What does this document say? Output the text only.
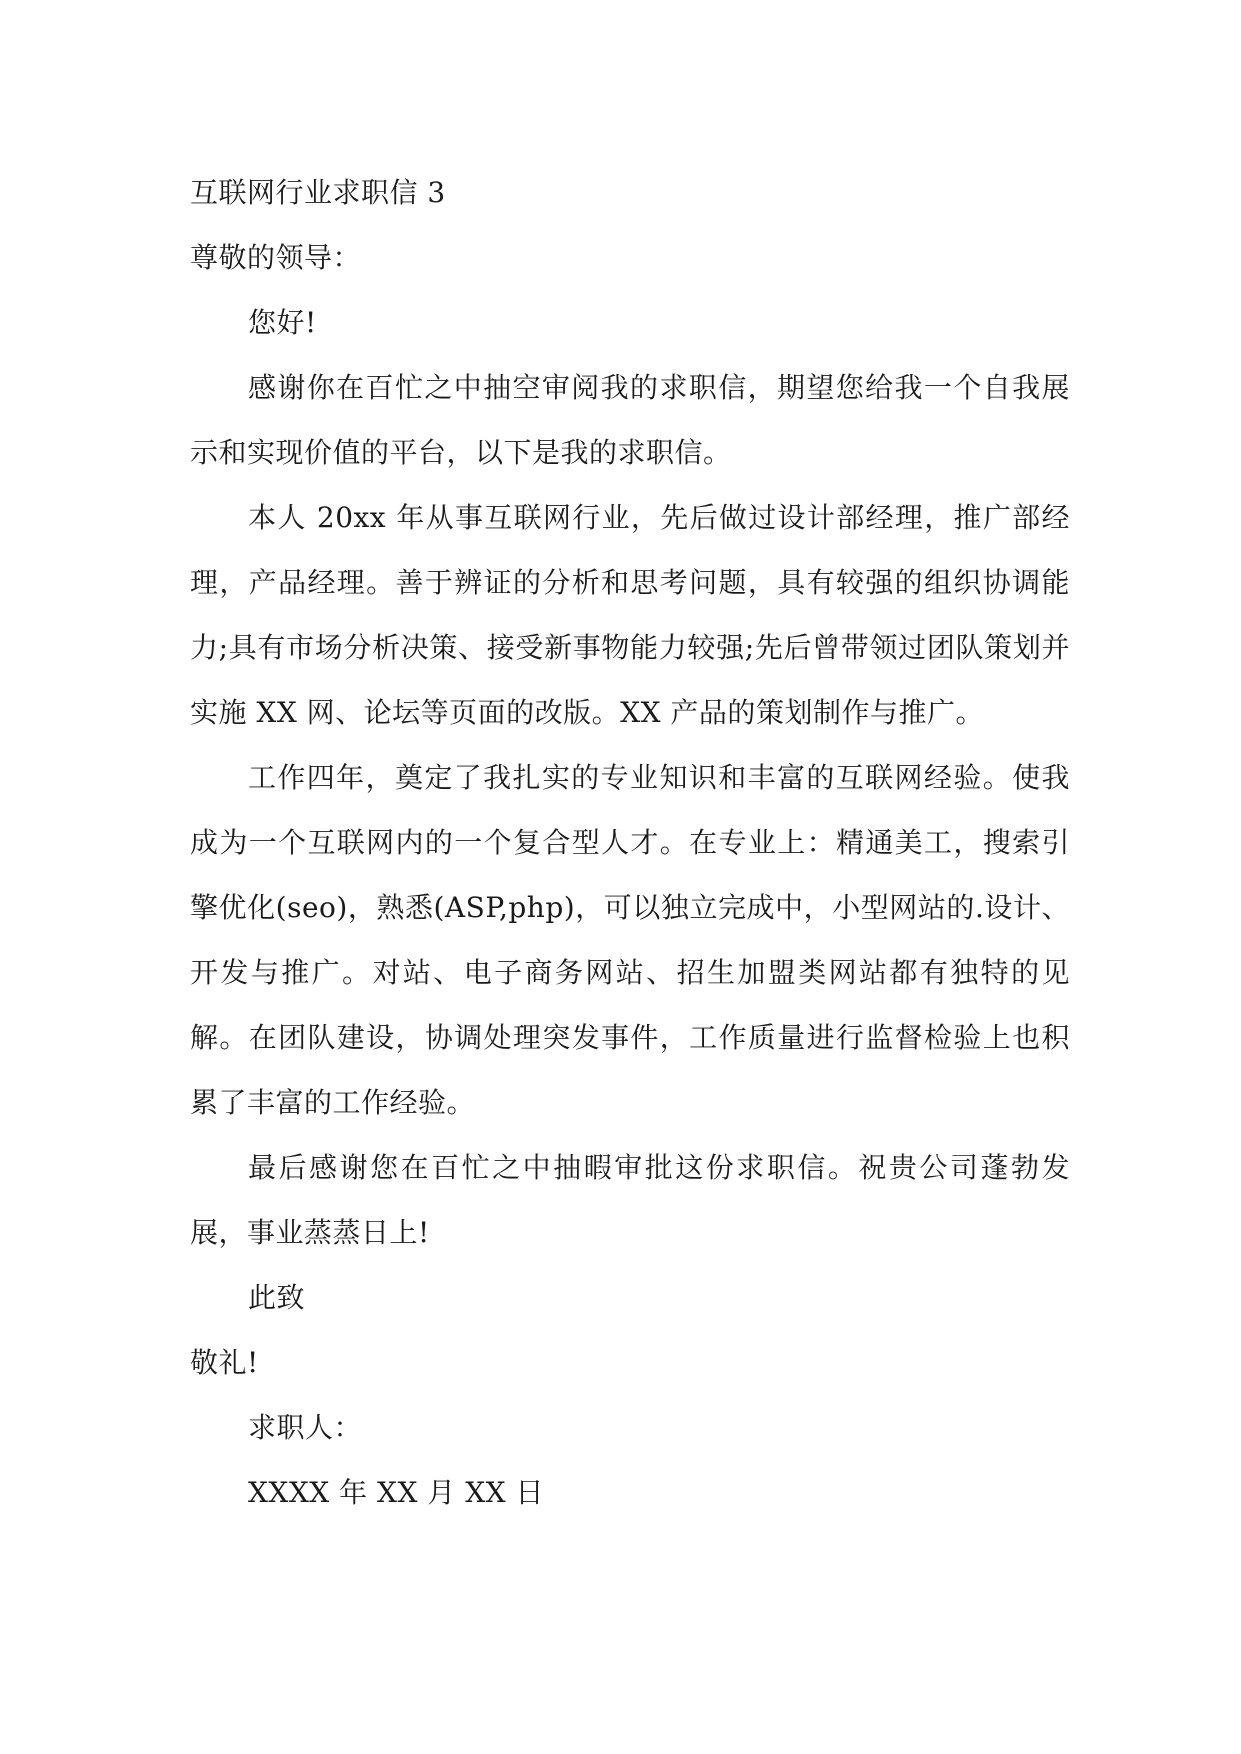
互联网行业求职信 3

尊敬的领导：

您好!

感谢你在百忙之中抽空审阅我的求职信，期望您给我一个自我展示和实现价值的平台，以下是我的求职信。

本人 20xx 年从事互联网行业，先后做过设计部经理，推广部经理，产品经理。善于辨证的分析和思考问题，具有较强的组织协调能力;具有市场分析决策、接受新事物能力较强;先后曾带领过团队策划并实施 XX 网、论坛等页面的改版。XX 产品的策划制作与推广。

工作四年，奠定了我扎实的专业知识和丰富的互联网经验。使我成为一个互联网内的一个复合型人才。在专业上：精通美工，搜索引擎优化(seo)，熟悉(ASP,php)，可以独立完成中，小型网站的.设计、开发与推广。对站、电子商务网站、招生加盟类网站都有独特的见解。在团队建设，协调处理突发事件，工作质量进行监督检验上也积累了丰富的工作经验。

最后感谢您在百忙之中抽暇审批这份求职信。祝贵公司蓬勃发展，事业蒸蒸日上!

此致

敬礼!

求职人：

XXXX 年 XX 月 XX 日
